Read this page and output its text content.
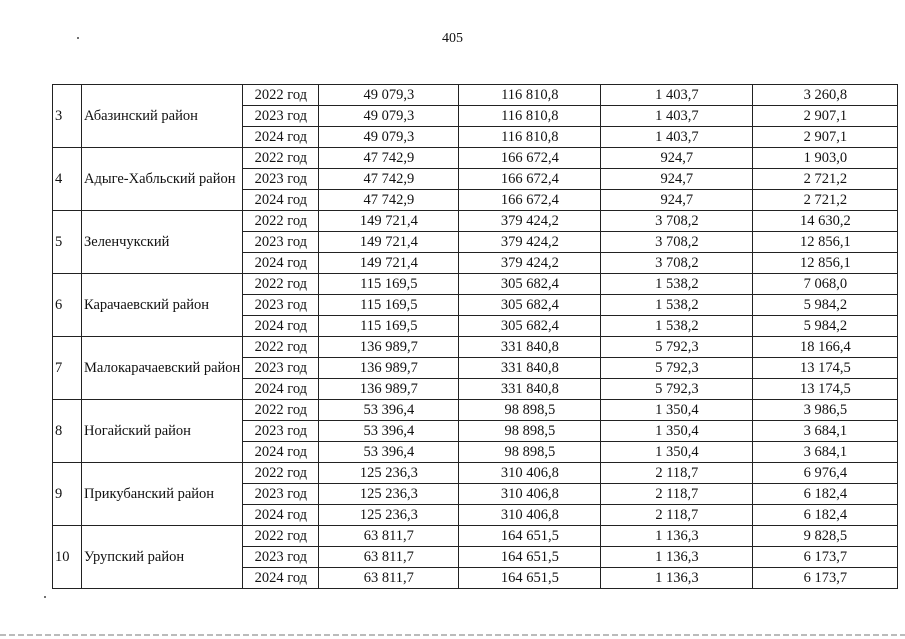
405
3	Абазинский район	2022 год	49 079,3	116 810,8	1 403,7	3 260,8
		2023 год	49 079,3	116 810,8	1 403,7	2 907,1
		2024 год	49 079,3	116 810,8	1 403,7	2 907,1
4	Адыге-Хабльский район	2022 год	47 742,9	166 672,4	924,7	1 903,0
		2023 год	47 742,9	166 672,4	924,7	2 721,2
		2024 год	47 742,9	166 672,4	924,7	2 721,2
5	Зеленчукский	2022 год	149 721,4	379 424,2	3 708,2	14 630,2
		2023 год	149 721,4	379 424,2	3 708,2	12 856,1
		2024 год	149 721,4	379 424,2	3 708,2	12 856,1
6	Карачаевский район	2022 год	115 169,5	305 682,4	1 538,2	7 068,0
		2023 год	115 169,5	305 682,4	1 538,2	5 984,2
		2024 год	115 169,5	305 682,4	1 538,2	5 984,2
7	Малокарачаевский район	2022 год	136 989,7	331 840,8	5 792,3	18 166,4
		2023 год	136 989,7	331 840,8	5 792,3	13 174,5
		2024 год	136 989,7	331 840,8	5 792,3	13 174,5
8	Ногайский район	2022 год	53 396,4	98 898,5	1 350,4	3 986,5
		2023 год	53 396,4	98 898,5	1 350,4	3 684,1
		2024 год	53 396,4	98 898,5	1 350,4	3 684,1
9	Прикубанский район	2022 год	125 236,3	310 406,8	2 118,7	6 976,4
		2023 год	125 236,3	310 406,8	2 118,7	6 182,4
		2024 год	125 236,3	310 406,8	2 118,7	6 182,4
10	Урупский район	2022 год	63 811,7	164 651,5	1 136,3	9 828,5
		2023 год	63 811,7	164 651,5	1 136,3	6 173,7
		2024 год	63 811,7	164 651,5	1 136,3	6 173,7
